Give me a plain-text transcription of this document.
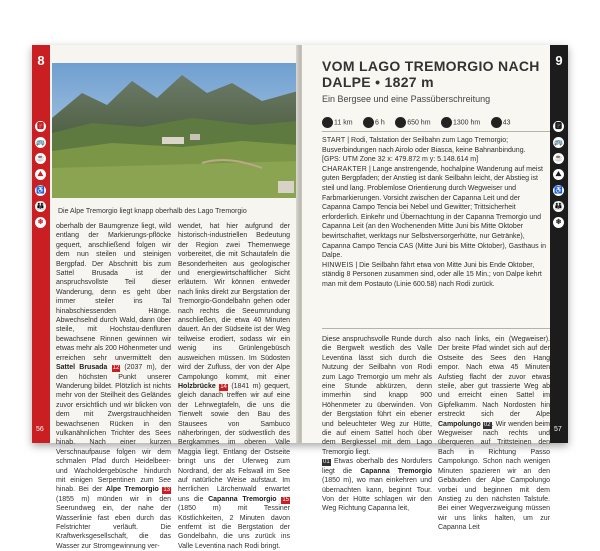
8
🅿
🚌
☕
⛰
♿
👪
❄
56
Die Alpe Tremorgio liegt knapp oberhalb des Lago Tremorgio
oberhalb der Baumgrenze liegt, wild entlang der Markierungs-pflöcke gequert, anschließend folgen wir dem nun steilen und steinigen Bergpfad. Der Abschnitt bis zum Sattel Brusada ist der anspruchsvollste Teil dieser Wanderung, denn es geht über immer steiler ins Tal hinabschiessenden Hänge. Abwechselnd durch Wald, dann über steile, mit Hochstau-denfluren bewachsene Rinnen gewinnen wir etwas mehr als 200 Höhenmeter und erreichen sehr unvermittelt den Sattel Brusada 12 (2037 m), der den höchsten Punkt unserer Wanderung bildet. Plötzlich ist nichts mehr von der Steilheit des Geländes zuvor ersichtlich und wir blicken von dem mit Zwergstrauchheiden bewachsenen Rücken in den vulkanähnlichen Trichter des Sees hinab. Nach einer kurzen Verschnaufpause folgen wir dem schmalen Pfad durch Heidelbeer- und Wacholdergebüsche hindurch mit einigen Serpentinen zum See hinab. Bei der Alpe Tremorgio 13 (1855 m) münden wir in den Seerundweg ein, der nahe der Wasserlinie fast eben durch das Felstrichter verläuft. Die Kraftwerksgesellschaft, die das Wasser zur Stromgewinnung ver-
wendet, hat hier aufgrund der historisch-industriellen Bedeutung der Region zwei Themenwege vorbereitet, die mit Schautafeln die Besonderheiten aus geologischer und energiewirtschaftlicher Sicht erläutern. Wir können entweder nach links direkt zur Bergstation der Tremorgio-Gondelbahn gehen oder nach rechts die Seeumrundung anschließen, die etwa 40 Minuten dauert. An der Südseite ist der Weg teilweise erodiert, sodass wir ein wenig ins Grünlengebüsch ausweichen müssen. Im Südosten wird der Zufluss, der von der Alpe Campolungo kommt, mit einer Holzbrücke 14 (1841 m) gequert, gleich danach treffen wir auf eine der Lehrwegtafeln, die uns die Tierwelt sowie den Bau des Stausees von Sambuco näherbringen, der südwestlich des Bergkammes im oberen Valle Maggia liegt. Entlang der Ostseite bringt uns der Uferweg zum Nordrand, der als Felswall im See auf natürliche Weise aufstaut. Im herrlichen Lärchenwald erwartet uns die Capanna Tremorgio 15 (1850 m) mit Tessiner Köstlichkeiten, 2 Minuten davon entfernt ist die Bergstation der Gondelbahn, die uns zurück ins Valle Leventina nach Rodi bringt.
9
🅿
🚌
☕
⛰
♿
👪
❄
57
VOM LAGO TREMORGIO NACH DALPE • 1827 m
Ein Bergsee und eine Passüberschreitung
11 km	6 h	650 hm	1300 hm	43
START | Rodi, Talstation der Seilbahn zum Lago Tremorgio; Busverbindungen nach Airolo oder Biasca, keine Bahnanbindung.
[GPS: UTM Zone 32 x: 479.872 m y: 5.148.614 m]
CHARAKTER | Lange anstrengende, hochalpine Wanderung auf meist guten Bergpfaden; der Anstieg ist dank Seilbahn leicht, der Abstieg ist steil und lang. Problemlose Orientierung durch Wegweiser und Farbmarkierungen. Vorsicht zwischen der Capanna Leit und der Capanna Campo Tencia bei Nebel und Gewitter; Trittsicherheit erforderlich. Einkehr und Übernachtung in der Capanna Tremorgio und Capanna Leit (an den Wochenenden Mitte Juni bis Mitte Oktober bewirtschaftet, werktags nur Selbstversorgerhütte, nur Getränke), Capanna Campo Tencia CAS (Mitte Juni bis Mitte Oktober), Gasthaus in Dalpe.
HINWEIS | Die Seilbahn fährt etwa von Mitte Juni bis Ende Oktober, ständig 8 Personen zusammen sind, oder alle 15 Min.; von Dalpe kehrt man mit dem Postauto (Linie 600.58) nach Rodi zurück.
Diese anspruchsvolle Runde durch die Bergwelt westlich des Valle Leventina lässt sich durch die Nutzung der Seilbahn von Rodi zum Lago Tremorgio um mehr als eine Stunde abkürzen, denn immerhin sind knapp 900 Höhenmeter zu überwinden. Von der Bergstation führt ein ebener und beleuchteter Weg zur Hütte, die auf einem Sattel hoch über dem Bergkessel mit dem Lago Tremorgio liegt.
01 Etwas oberhalb des Nordufers liegt die Capanna Tremorgio (1850 m), wo man einkehren und übernachten kann, beginnt Tour. Von der Hütte schlagen wir den Weg Richtung Capanna leit,
also nach links, ein (Wegweiser). Der breite Pfad windet sich auf der Ostseite des Sees den Hang empor. Nach etwa 45 Minuten Aufstieg flacht der zuvor etwas steile, aber gut trassierte Weg ab und erreicht einen Sattel im Gipfelkamm. Nach Nordosten hin erstreckt sich der Alpe Campolungo 02. Wir wenden beim Wegweiser nach rechts und überqueren auf Trittsteinen den Bach in Richtung Passo Campolungo. Schon nach wenigen Minuten spazieren wir an den Gebäuden der Alpe Campolungo vorbei und beginnen mit dem Anstieg zu den nächsten Talstufe. Bei einer Wegverzweigung müssen wir uns links halten, um zur Capanna Leit
